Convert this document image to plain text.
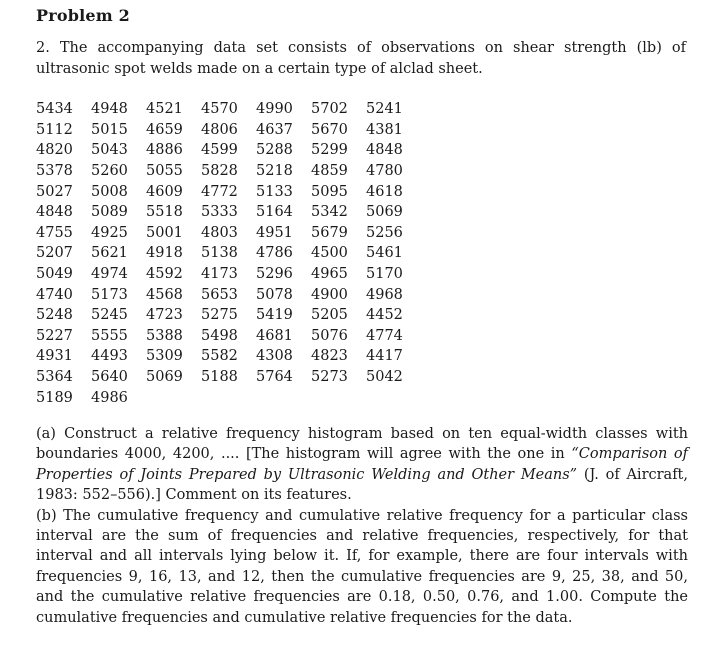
Problem 2
2. The accompanying data set consists of observations on shear strength (lb) of ultrasonic spot welds made on a certain type of alclad sheet.
5434	4948	4521	4570	4990	5702	5241
5112	5015	4659	4806	4637	5670	4381
4820	5043	4886	4599	5288	5299	4848
5378	5260	5055	5828	5218	4859	4780
5027	5008	4609	4772	5133	5095	4618
4848	5089	5518	5333	5164	5342	5069
4755	4925	5001	4803	4951	5679	5256
5207	5621	4918	5138	4786	4500	5461
5049	4974	4592	4173	5296	4965	5170
4740	5173	4568	5653	5078	4900	4968
5248	5245	4723	5275	5419	5205	4452
5227	5555	5388	5498	4681	5076	4774
4931	4493	5309	5582	4308	4823	4417
5364	5640	5069	5188	5764	5273	5042
5189	4986					

(a) Construct a relative frequency histogram based on ten equal-width classes with boundaries 4000, 4200, .... [The histogram will agree with the one in “Comparison of Properties of Joints Prepared by Ultrasonic Welding and Other Means” (J. of Aircraft, 1983: 552–556).] Comment on its features.

(b) The cumulative frequency and cumulative relative frequency for a particular class interval are the sum of frequencies and relative frequencies, respectively, for that interval and all intervals lying below it. If, for example, there are four intervals with frequencies 9, 16, 13, and 12, then the cumulative frequencies are 9, 25, 38, and 50, and the cumulative relative frequencies are 0.18, 0.50, 0.76, and 1.00. Compute the cumulative frequencies and cumulative relative frequencies for the data.
